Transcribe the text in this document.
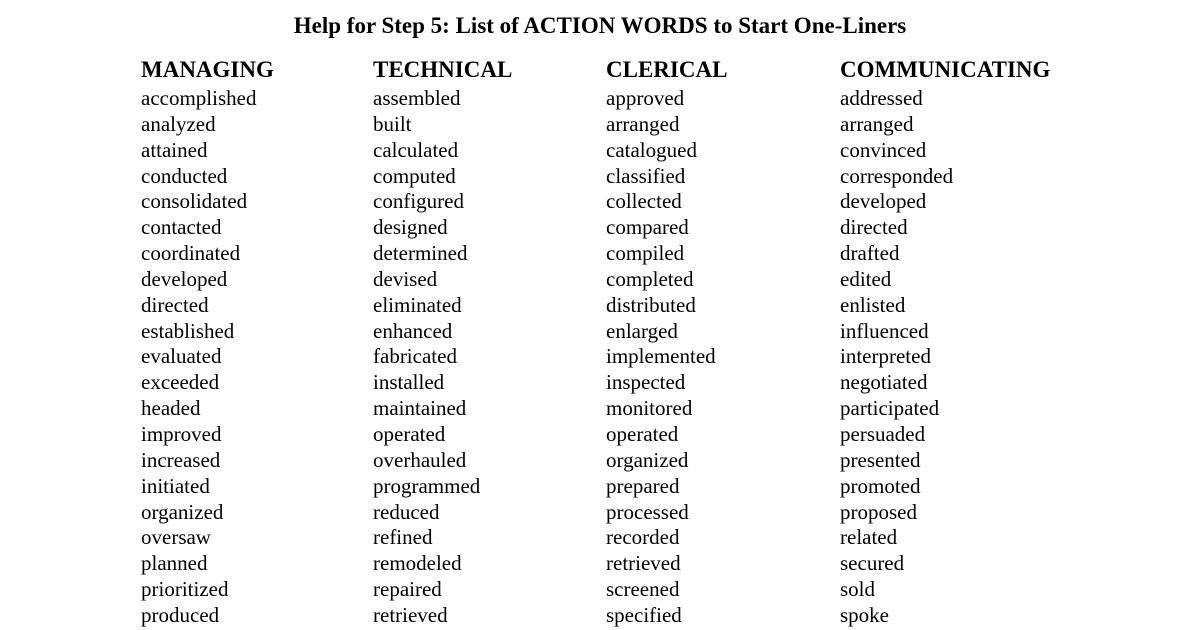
Help for Step 5: List of ACTION WORDS to Start One-Liners
MANAGING
accomplished
analyzed
attained
conducted
consolidated
contacted
coordinated
developed
directed
established
evaluated
exceeded
headed
improved
increased
initiated
organized
oversaw
planned
prioritized
produced
TECHNICAL
assembled
built
calculated
computed
configured
designed
determined
devised
eliminated
enhanced
fabricated
installed
maintained
operated
overhauled
programmed
reduced
refined
remodeled
repaired
retrieved
CLERICAL
approved
arranged
catalogued
classified
collected
compared
compiled
completed
distributed
enlarged
implemented
inspected
monitored
operated
organized
prepared
processed
recorded
retrieved
screened
specified
COMMUNICATING
addressed
arranged
convinced
corresponded
developed
directed
drafted
edited
enlisted
influenced
interpreted
negotiated
participated
persuaded
presented
promoted
proposed
related
secured
sold
spoke
